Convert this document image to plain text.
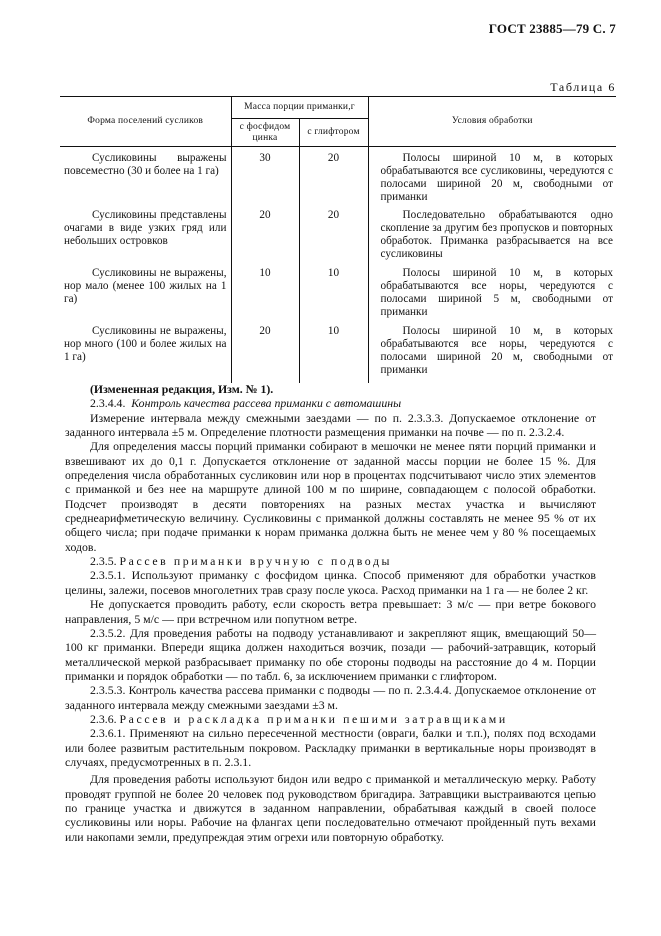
ГОСТ 23885—79 С. 7
Таблица 6
Форма поселений сусликов	Масса порции приманки,г		Условия обработки
	с фосфидом цинка	с глифтором	
Сусликовины выражены повсеместно (30 и более на 1 га)	30	20	Полосы шириной 10 м, в которых обрабатываются все сусликовины, чередуются с полосами шириной 20 м, свободными от приманки
Сусликовины представлены очагами в виде узких гряд или небольших островков	20	20	Последовательно обрабатываются одно скопление за другим без пропусков и повторных обработок. Приманка разбрасывается на все сусликовины
Сусликовины не выражены, нор мало (менее 100 жилых на 1 га)	10	10	Полосы шириной 10 м, в которых обрабатываются все норы, чередуются с полосами шириной 5 м, свободными от приманки
Сусликовины не выражены, нор много (100 и более жилых на 1 га)	20	10	Полосы шириной 10 м, в которых обрабатываются все норы, чередуются с полосами шириной 20 м, свободными от приманки

(Измененная редакция, Изм. № 1).

2.3.4.4. Контроль качества рассева приманки с автомашины

Измерение интервала между смежными заездами — по п. 2.3.3.3. Допускаемое отклонение от заданного интервала ±5 м. Определение плотности размещения приманки на почве — по п. 2.3.2.4.

Для определения массы порций приманки собирают в мешочки не менее пяти порций приманки и взвешивают их до 0,1 г. Допускается отклонение от заданной массы порции не более 15 %. Для определения числа обработанных сусликовин или нор в процентах подсчитывают число этих элементов с приманкой и без нее на маршруте длиной 100 м по ширине, совпадающем с полосой обработки. Подсчет производят в десяти повторениях на разных местах участка и вычисляют среднеарифметическую величину. Сусликовины с приманкой должны составлять не менее 95 % от их общего числа; при подаче приманки к норам приманка должна быть не менее чем у 80 % посещаемых ходов.

2.3.5. Рассев приманки вручную с подводы

2.3.5.1. Используют приманку с фосфидом цинка. Способ применяют для обработки участков целины, залежи, посевов многолетних трав сразу после укоса. Расход приманки на 1 га — не более 2 кг.

Не допускается проводить работу, если скорость ветра превышает: 3 м/с — при ветре бокового направления, 5 м/с — при встречном или попутном ветре.

2.3.5.2. Для проведения работы на подводу устанавливают и закрепляют ящик, вмещающий 50—100 кг приманки. Впереди ящика должен находиться возчик, позади — рабочий-затравщик, который металлической меркой разбрасывает приманку по обе стороны подводы на расстояние до 4 м. Порции приманки и порядок обработки — по табл. 6, за исключением приманки с глифтором.

2.3.5.3. Контроль качества рассева приманки с подводы — по п. 2.3.4.4. Допускаемое отклонение от заданного интервала между смежными заездами ±3 м.

2.3.6. Рассев и раскладка приманки пешими затравщиками

2.3.6.1. Применяют на сильно пересеченной местности (овраги, балки и т.п.), полях под всходами или более развитым растительным покровом. Раскладку приманки в вертикальные норы производят в случаях, предусмотренных в п. 2.3.1.

Для проведения работы используют бидон или ведро с приманкой и металлическую мерку. Работу проводят группой не более 20 человек под руководством бригадира. Затравщики выстраиваются цепью по границе участка и движутся в заданном направлении, обрабатывая каждый в своей полосе сусликовины или норы. Рабочие на флангах цепи последовательно отмечают пройденный путь вехами или накопами земли, предупреждая этим огрехи или повторную обработку.
